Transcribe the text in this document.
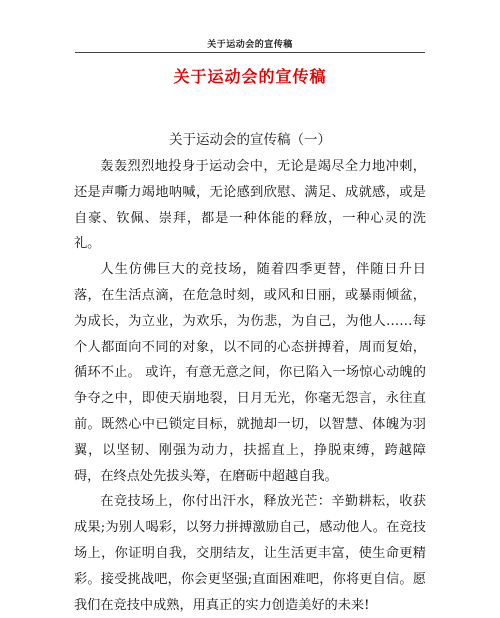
关于运动会的宣传稿
关于运动会的宣传稿
关于运动会的宣传稿（一）

轰轰烈烈地投身于运动会中，无论是竭尽全力地冲刺，还是声嘶力竭地呐喊，无论感到欣慰、满足、成就感，或是自豪、钦佩、崇拜，都是一种体能的释放，一种心灵的洗礼。

人生仿佛巨大的竞技场，随着四季更替，伴随日升日落，在生活点滴，在危急时刻，或风和日丽，或暴雨倾盆，为成长，为立业，为欢乐，为伤悲，为自己，为他人……每个人都面向不同的对象，以不同的心态拼搏着，周而复始，循环不止。 或许，有意无意之间，你已陷入一场惊心动魄的争夺之中，即使天崩地裂，日月无光，你毫无怨言，永往直前。既然心中已锁定目标，就抛却一切，以智慧、体魄为羽翼，以坚韧、刚强为动力，扶摇直上，挣脱束缚，跨越障碍，在终点处先拔头筹，在磨砺中超越自我。

在竞技场上，你付出汗水，释放光芒：辛勤耕耘，收获成果;为别人喝彩，以努力拼搏激励自己，感动他人。在竞技场上，你证明自我，交朋结友，让生活更丰富，使生命更精彩。接受挑战吧，你会更坚强;直面困难吧，你将更自信。愿我们在竞技中成熟，用真正的实力创造美好的未来!
